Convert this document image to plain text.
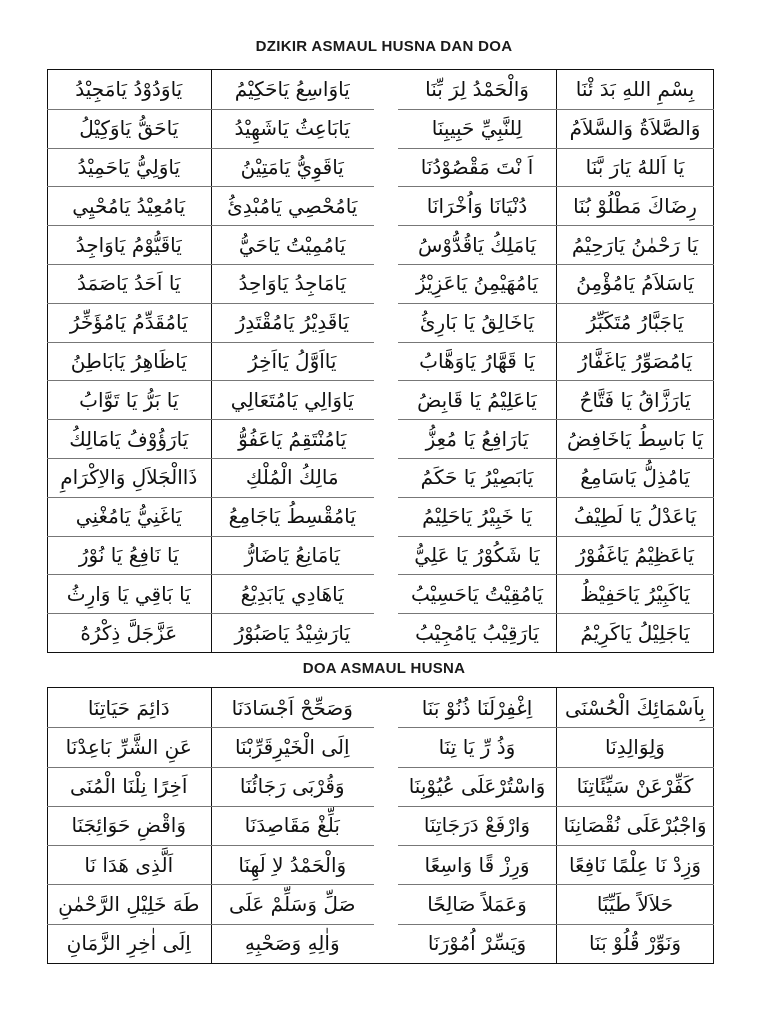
DZIKIR ASMAUL HUSNA DAN DOA
بِسْمِ اللهِ بَدَ ئْنَا
وَالْحَمْدُ لِرَ بِّنَا
وَالصَّلاَةُ وَالسَّلاَمُ
لِلنَّبِيِّ حَبِيبِنَا
يَا اَللهُ يَارَ بَّنَا
اَ نْتَ مَقْصُوْدُنَا
رِضَاكَ مَطْلُوْ بُنَا
دُنْيَانَا وَاُخْرَانَا
يَا رَحْمٰنُ يَارَحِيْمُ
يَامَلِكُ يَاقُدُّوْسُ
يَاسَلاَمُ يَامُؤْمِنُ
يَامُهَيْمِنُ يَاعَزِيْزُ
يَاجَبَّارُ مُتَكَبِّرُ
يَاخَالِقُ يَا بَارِئُ
يَامُصَوِّرُ يَاغَفَّارُ
يَا قَهَّارُ يَاوَهَّابُ
يَارَزَّاقُ يَا فَتَّاحُ
يَاعَلِيْمُ يَا قَابِضُ
يَا بَاسِطُ يَاخَافِضُ
يَارَافِعُ يَا مُعِزُّ
يَامُذِلُّ يَاسَامِعُ
يَابَصِيْرُ يَا حَكَمُ
يَاعَدْلُ يَا لَطِيْفُ
يَا خَبِيْرُ يَاحَلِيْمُ
يَاعَظِيْمُ يَاغَفُوْرُ
يَا شَكُوْرُ يَا عَلِيُّ
يَاكَبِيْرُ يَاحَفِيْظُ
يَامُقِيْتُ يَاحَسِيْبُ
يَاجَلِيْلُ يَاكَرِيْمُ
يَارَقِيْبُ يَامُجِيْبُ
يَاوَاسِعُ يَاحَكِيْمُ
يَاوَدُوْدُ يَامَجِيْدُ
يَابَاعِثُ يَاشَهِيْدُ
يَاحَقُّ يَاوَكِيْلُ
يَاقَوِيُّ يَامَتِيْنُ
يَاوَلِيُّ يَاحَمِيْدُ
يَامُحْصِي يَامُبْدِئُ
يَامُعِيْدُ يَامُحْيِي
يَامُمِيْتُ يَاحَيُّ
يَاقَيُّوْمُ يَاوَاجِدُ
يَامَاجِدُ يَاوَاحِدُ
يَا اَحَدُ يَاصَمَدُ
يَاقَدِيْرُ يَامُقْتَدِرُ
يَامُقَدِّمُ يَامُؤَخِّرُ
يَااَوَّلُ يَااَخِرُ
يَاظَاهِرُ يَابَاطِنُ
يَاوَالِي يَامُتَعَالِي
يَا بَرُّ يَا تَوَّابُ
يَامُنْتَقِمُ يَاعَفُوُّ
يَارَؤُوْفُ يَامَالِكُ
مَالِكُ الْمُلْكِ
ذَاالْجَلاَلِ وَالاِكْرَامِ
يَامُقْسِطُ يَاجَامِعُ
يَاغَنِيُّ يَامُغْنِي
يَامَانِعُ يَاضَارُّ
يَا نَافِعُ يَا نُوْرُ
يَاهَادِي يَابَدِيْعُ
يَا بَاقِي يَا وَارِثُ
يَارَشِيْدُ يَاصَبُوْرُ
عَزَّجَلَّ ذِكْرُهُ
DOA ASMAUL HUSNA
بِاَسْمَائِكَ الْحُسْنَى
اِغْفِرْلَنَا ذُنُوْ بَنَا
وَلِوَالِدِنَا
وَذُ رِّ يَا تِنَا
كَفِّرْعَنْ سَيِّئَاتِنَا
وَاسْتُرْعَلَى عُيُوْبِنَا
وَاجْبُرْعَلَى نُقْصَانِنَا
وَارْفَعْ دَرَجَاتِنَا
وَزِدْ نَا عِلْمًا نَافِعًا
وَرِزْ قًا وَاسِعًا
حَلاَلاً طَيِّبًا
وَعَمَلاً صَالِحًا
وَنَوِّرْ قُلُوْ بَنَا
وَيَسِّرْ اُمُوْرَنَا
وَصَحِّحْ اَجْسَادَنَا
دَائِمَ حَيَاتِنَا
اِلَى الْخَيْرِقَرِّبْنَا
عَنِ الشَّرِّ بَاعِدْنَا
وَقُرْبَى رَجَائُنَا
اَخِرًا نِلْنَا الْمُنَى
بَلِّغْ مَقَاصِدَنَا
وَاقْضِ حَوَائِجَنَا
وَالْحَمْدُ لاِ لَهِنَا
اَلَّذِى هَدَا نَا
صَلِّ وَسَلِّمْ عَلَى
طَهَ خَلِيْلِ الرَّحْمٰنِ
وَاٰلِهِ وَصَحْبِهِ
اِلَى اٰخِرِ الزَّمَانِ
